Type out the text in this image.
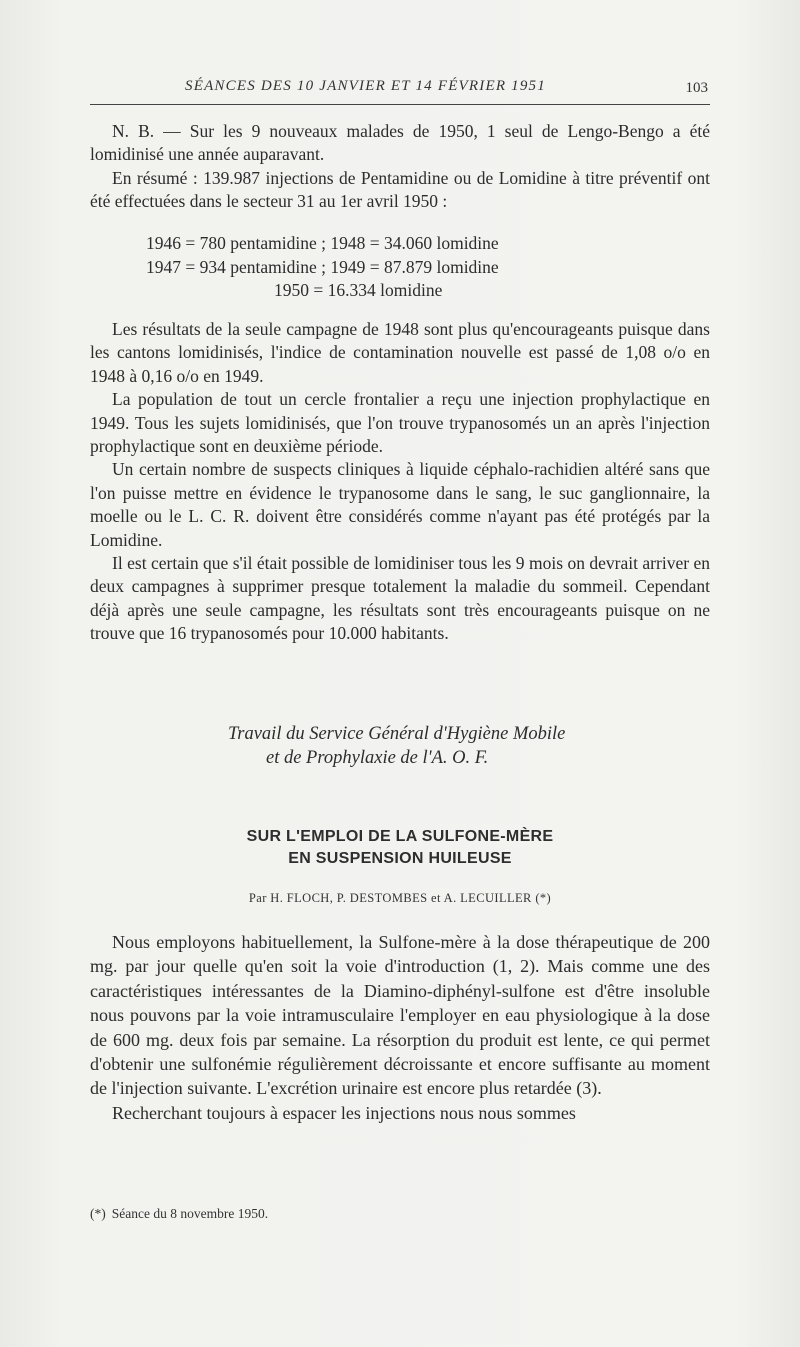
SÉANCES DES 10 JANVIER ET 14 FÉVRIER 1951	103

N. B. — Sur les 9 nouveaux malades de 1950, 1 seul de Lengo-Bengo a été lomidinisé une année auparavant.

En résumé : 139.987 injections de Pentamidine ou de Lomidine à titre préventif ont été effectuées dans le secteur 31 au 1er avril 1950 :

1946 = 780 pentamidine ; 1948 = 34.060 lomidine
1947 = 934 pentamidine ; 1949 = 87.879 lomidine
1950 = 16.334 lomidine

Les résultats de la seule campagne de 1948 sont plus qu'encourageants puisque dans les cantons lomidinisés, l'indice de contamination nouvelle est passé de 1,08 o/o en 1948 à 0,16 o/o en 1949.

La population de tout un cercle frontalier a reçu une injection prophylactique en 1949. Tous les sujets lomidinisés, que l'on trouve trypanosomés un an après l'injection prophylactique sont en deuxième période.

Un certain nombre de suspects cliniques à liquide céphalo-rachidien altéré sans que l'on puisse mettre en évidence le trypanosome dans le sang, le suc ganglionnaire, la moelle ou le L. C. R. doivent être considérés comme n'ayant pas été protégés par la Lomidine.

Il est certain que s'il était possible de lomidiniser tous les 9 mois on devrait arriver en deux campagnes à supprimer presque totalement la maladie du sommeil. Cependant déjà après une seule campagne, les résultats sont très encourageants puisque on ne trouve que 16 trypanosomés pour 10.000 habitants.

Travail du Service Général d'Hygiène Mobile
et de Prophylaxie de l'A. O. F.
SUR L'EMPLOI DE LA SULFONE-MÈRE
EN SUSPENSION HUILEUSE
Par H. FLOCH, P. DESTOMBES et A. LECUILLER (*)

Nous employons habituellement, la Sulfone-mère à la dose thérapeutique de 200 mg. par jour quelle qu'en soit la voie d'introduction (1, 2). Mais comme une des caractéristiques intéressantes de la Diamino-diphényl-sulfone est d'être insoluble nous pouvons par la voie intramusculaire l'employer en eau physiologique à la dose de 600 mg. deux fois par semaine. La résorption du produit est lente, ce qui permet d'obtenir une sulfonémie régulièrement décroissante et encore suffisante au moment de l'injection suivante. L'excrétion urinaire est encore plus retardée (3).

Recherchant toujours à espacer les injections nous nous sommes

(*) Séance du 8 novembre 1950.
